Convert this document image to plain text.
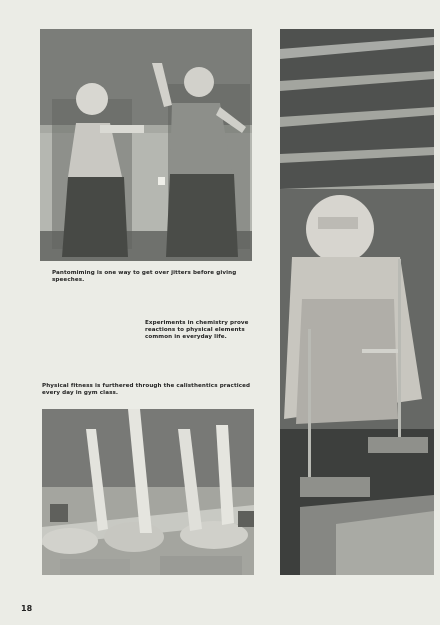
Pantomiming is one way to get over jitters before giving speeches.
Experiments in chemistry prove reactions to physical elements common in everyday life.
Physical fitness is furthered through the calisthentics practiced every day in gym class.
18
